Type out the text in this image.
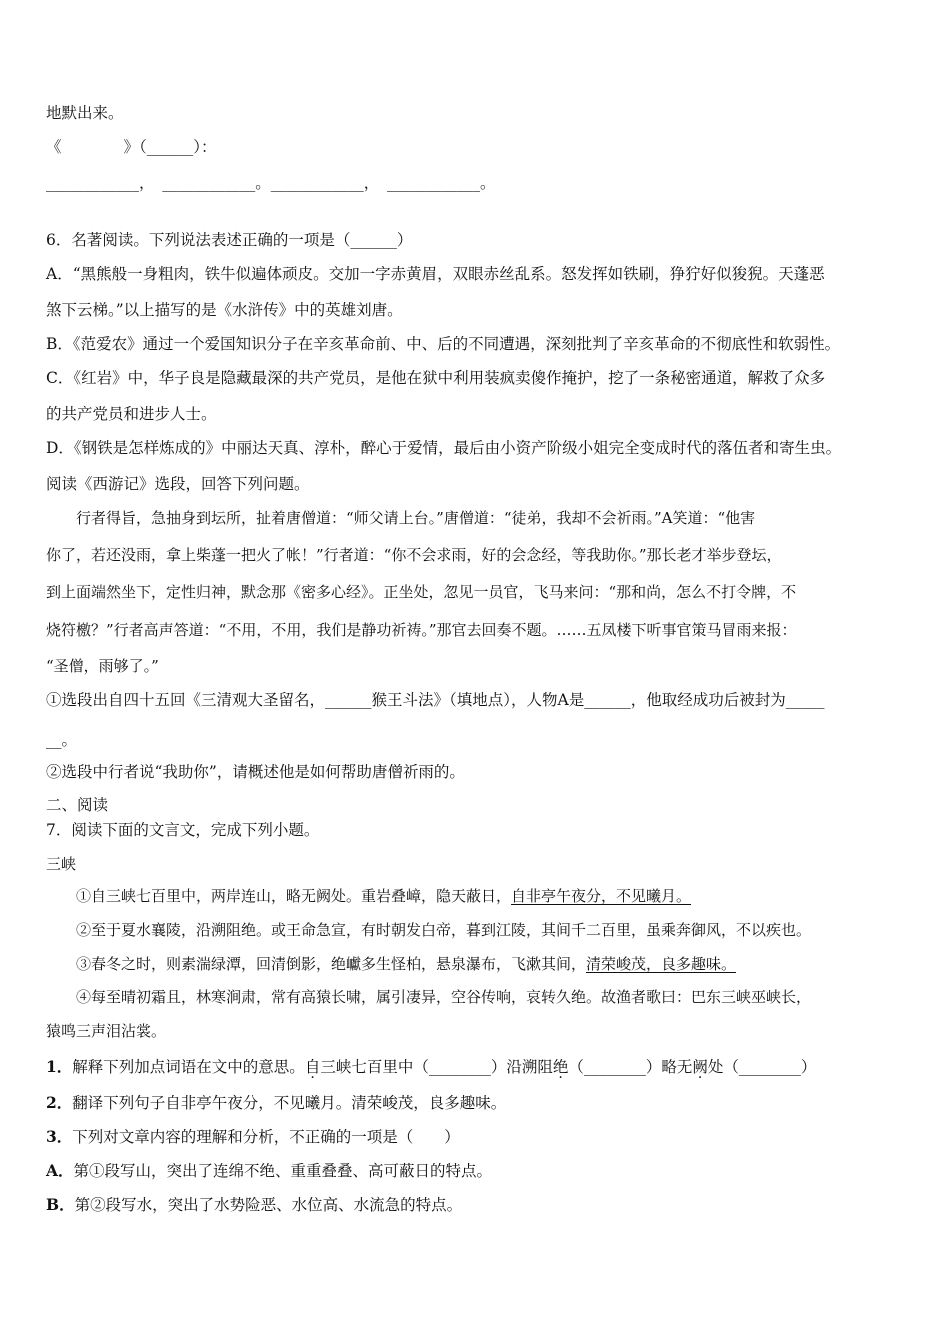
地默出来。
《　　　　》（______）：
____________，　____________。____________，　____________。
6．名著阅读。下列说法表述正确的一项是（______）
A．“黑熊般一身粗肉，铁牛似遍体顽皮。交加一字赤黄眉，双眼赤丝乱系。怒发挥如铁刷，狰狞好似狻猊。天蓬恶
煞下云梯。”以上描写的是《水浒传》中的英雄刘唐。
B．《范爱农》通过一个爱国知识分子在辛亥革命前、中、后的不同遭遇，深刻批判了辛亥革命的不彻底性和软弱性。
C．《红岩》中，华子良是隐藏最深的共产党员，是他在狱中利用装疯卖傻作掩护，挖了一条秘密通道，解救了众多
的共产党员和进步人士。
D．《钢铁是怎样炼成的》中丽达天真、淳朴，醉心于爱情，最后由小资产阶级小姐完全变成时代的落伍者和寄生虫。
阅读《西游记》选段，回答下列问题。
　　行者得旨，急抽身到坛所，扯着唐僧道：“师父请上台。”唐僧道：“徒弟，我却不会祈雨。”A笑道：“他害
你了，若还没雨，拿上柴蓬一把火了帐！”行者道：“你不会求雨，好的会念经，等我助你。”那长老才举步登坛，
到上面端然坐下，定性归神，默念那《密多心经》。正坐处，忽见一员官，飞马来问：“那和尚，怎么不打令牌，不
烧符檄？”行者高声答道：“不用，不用，我们是静功祈祷。”那官去回奏不题。……五凤楼下听事官策马冒雨来报：
“圣僧，雨够了。”
①选段出自四十五回《三清观大圣留名，______猴王斗法》（填地点），人物A是______，他取经成功后被封为_____
__。
②选段中行者说“我助你”，请概述他是如何帮助唐僧祈雨的。
二、阅读
7．阅读下面的文言文，完成下列小题。
三峡
　　①自三峡七百里中，两岸连山，略无阙处。重岩叠嶂，隐天蔽日，自非亭午夜分，不见曦月。
　　②至于夏水襄陵，沿溯阻绝。或王命急宣，有时朝发白帝，暮到江陵，其间千二百里，虽乘奔御风，不以疾也。
　　③春冬之时，则素湍绿潭，回清倒影，绝巘多生怪柏，悬泉瀑布，飞漱其间，清荣峻茂，良多趣味。
　　④每至晴初霜且，林寒涧肃，常有高猿长啸，属引凄异，空谷传响，哀转久绝。故渔者歌曰：巴东三峡巫峡长，
猿鸣三声泪沾裳。
1．解释下列加点词语在文中的意思。自三峡七百里中（________）沿溯阻绝（________）略无阙处（________）
2．翻译下列句子自非亭午夜分，不见曦月。清荣峻茂，良多趣味。
3．下列对文章内容的理解和分析，不正确的一项是（　　）
A．第①段写山，突出了连绵不绝、重重叠叠、高可蔽日的特点。
B．第②段写水，突出了水势险恶、水位高、水流急的特点。
